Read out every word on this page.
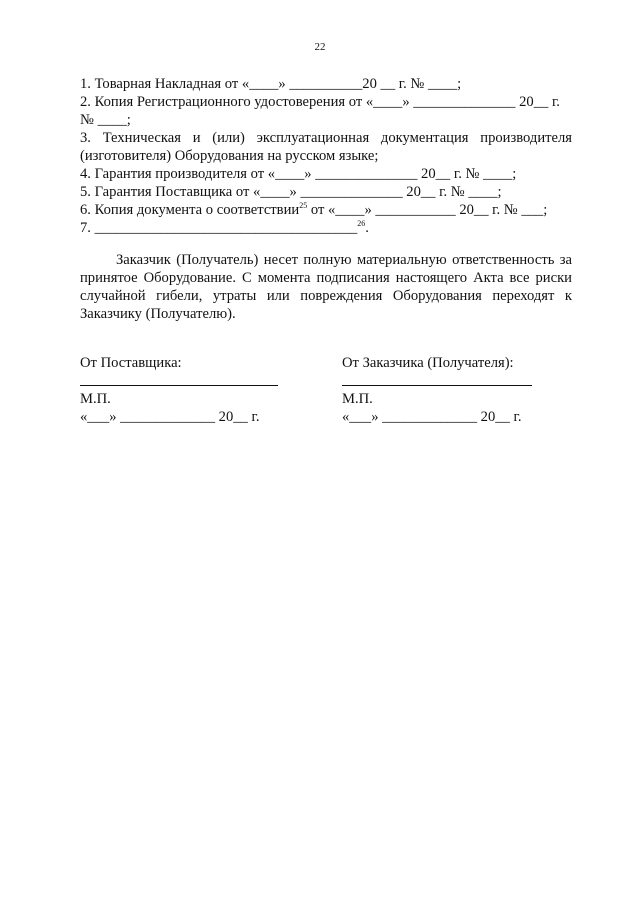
22
1. Товарная Накладная от «____» __________20 __ г. № ____;
2. Копия Регистрационного удостоверения от «____» ______________ 20__ г.
№ ____;
3. Техническая и (или) эксплуатационная документация производителя
(изготовителя) Оборудования на русском языке;
4. Гарантия производителя от «____» ______________ 20__ г. № ____;
5. Гарантия Поставщика от «____» ______________ 20__ г. № ____;
6. Копия документа о соответствии$^{25}$ от «____» ___________ 20__ г. № ___;
7. ____________________________________$^{26}$.
Заказчик (Получатель) несет полную материальную ответственность за
принятое Оборудование. С момента подписания настоящего Акта все риски
случайной гибели, утраты или повреждения Оборудования переходят к
Заказчику (Получателю).
От Поставщика:
М.П.
«___» _____________ 20__ г.
От Заказчика (Получателя):
М.П.
«___» _____________ 20__ г.
